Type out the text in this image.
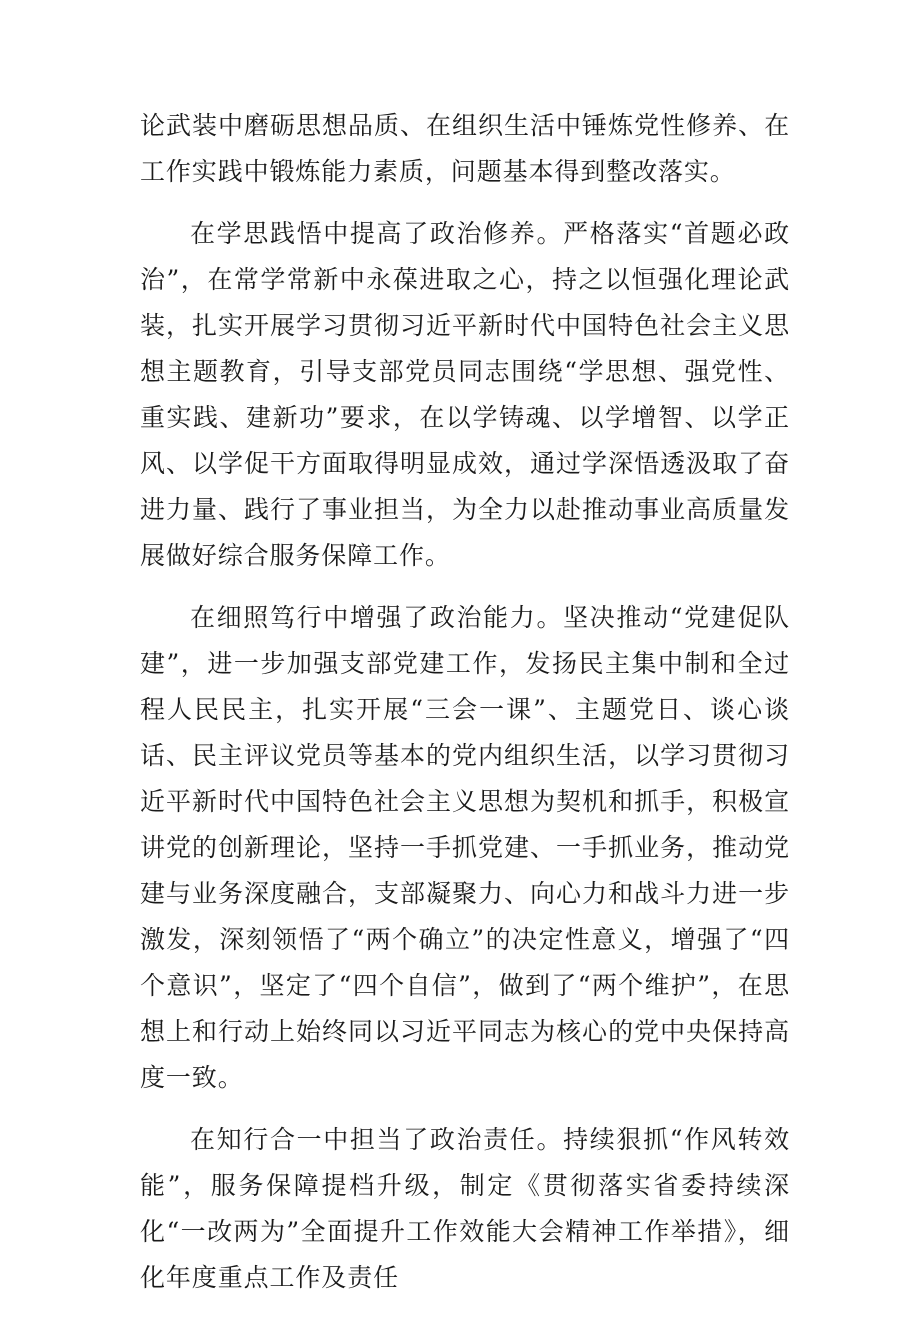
论武装中磨砺思想品质、在组织生活中锤炼党性修养、在工作实践中锻炼能力素质，问题基本得到整改落实。

在学思践悟中提高了政治修养。严格落实“首题必政治”，在常学常新中永葆进取之心，持之以恒强化理论武装，扎实开展学习贯彻习近平新时代中国特色社会主义思想主题教育，引导支部党员同志围绕“学思想、强党性、重实践、建新功”要求，在以学铸魂、以学增智、以学正风、以学促干方面取得明显成效，通过学深悟透汲取了奋进力量、践行了事业担当，为全力以赴推动事业高质量发展做好综合服务保障工作。

在细照笃行中增强了政治能力。坚决推动“党建促队建”，进一步加强支部党建工作，发扬民主集中制和全过程人民民主，扎实开展“三会一课”、主题党日、谈心谈话、民主评议党员等基本的党内组织生活，以学习贯彻习近平新时代中国特色社会主义思想为契机和抓手，积极宣讲党的创新理论，坚持一手抓党建、一手抓业务，推动党建与业务深度融合，支部凝聚力、向心力和战斗力进一步激发，深刻领悟了“两个确立”的决定性意义，增强了“四个意识”，坚定了“四个自信”，做到了“两个维护”，在思想上和行动上始终同以习近平同志为核心的党中央保持高度一致。

在知行合一中担当了政治责任。持续狠抓“作风转效能”，服务保障提档升级，制定《贯彻落实省委持续深化“一改两为”全面提升工作效能大会精神工作举措》，细化年度重点工作及责任
